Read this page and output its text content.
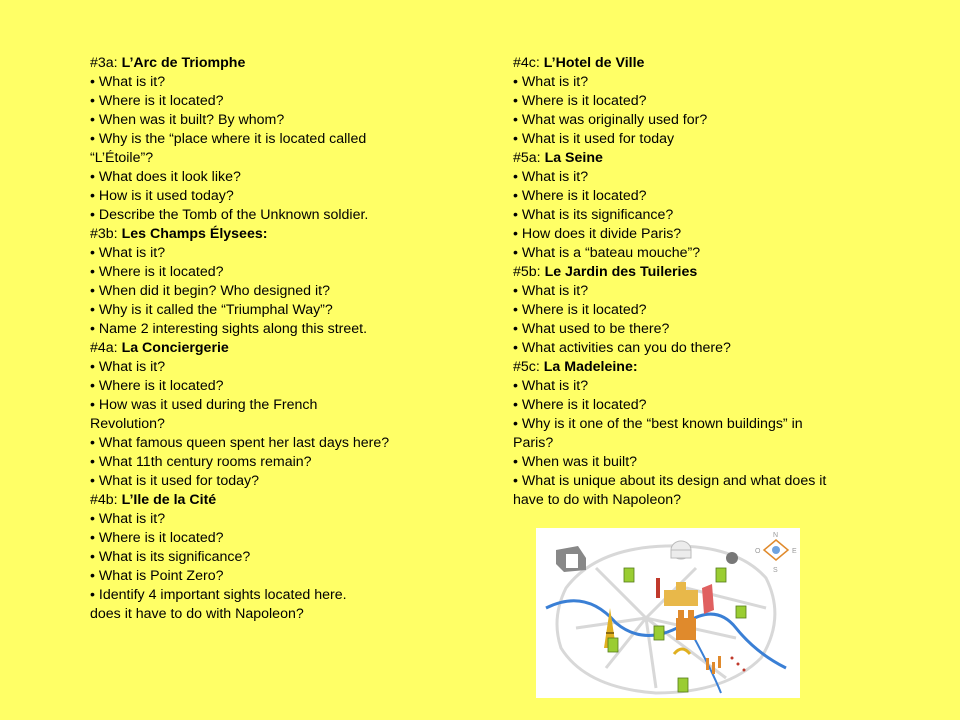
#3a: L’Arc de Triomphe
• What is it?
• Where is it located?
• When was it built? By whom?
• Why is the “place where it is located called “L’Étoile”?
• What does it look like?
• How is it used today?
• Describe the Tomb of the Unknown soldier.
#3b: Les Champs Élysees:
• What is it?
• Where is it located?
• When did it begin? Who designed it?
• Why is it called the “Triumphal Way”?
• Name 2 interesting sights along this street.
#4a: La Conciergerie
• What is it?
• Where is it located?
• How was it used during the French Revolution?
• What famous queen spent her last days here?
• What 11th century rooms remain?
• What is it used for today?
#4b: L’Ile de la Cité
• What is it?
• Where is it located?
• What is its significance?
• What is Point Zero?
• Identify 4 important sights located here.
does it have to do with Napoleon?
#4c: L’Hotel de Ville
• What is it?
• Where is it located?
• What was originally used for?
• What is it used for today
#5a: La Seine
• What is it?
• Where is it located?
• What is its significance?
• How does it divide Paris?
• What is a “bateau mouche”?
#5b: Le Jardin des Tuileries
• What is it?
• Where is it located?
• What used to be there?
• What activities can you do there?
#5c: La Madeleine:
• What is it?
• Where is it located?
• Why is it one of the “best known buildings” in Paris?
• When was it built?
• What is unique about its design and what does it have to do with Napoleon?
N
S
E
O
